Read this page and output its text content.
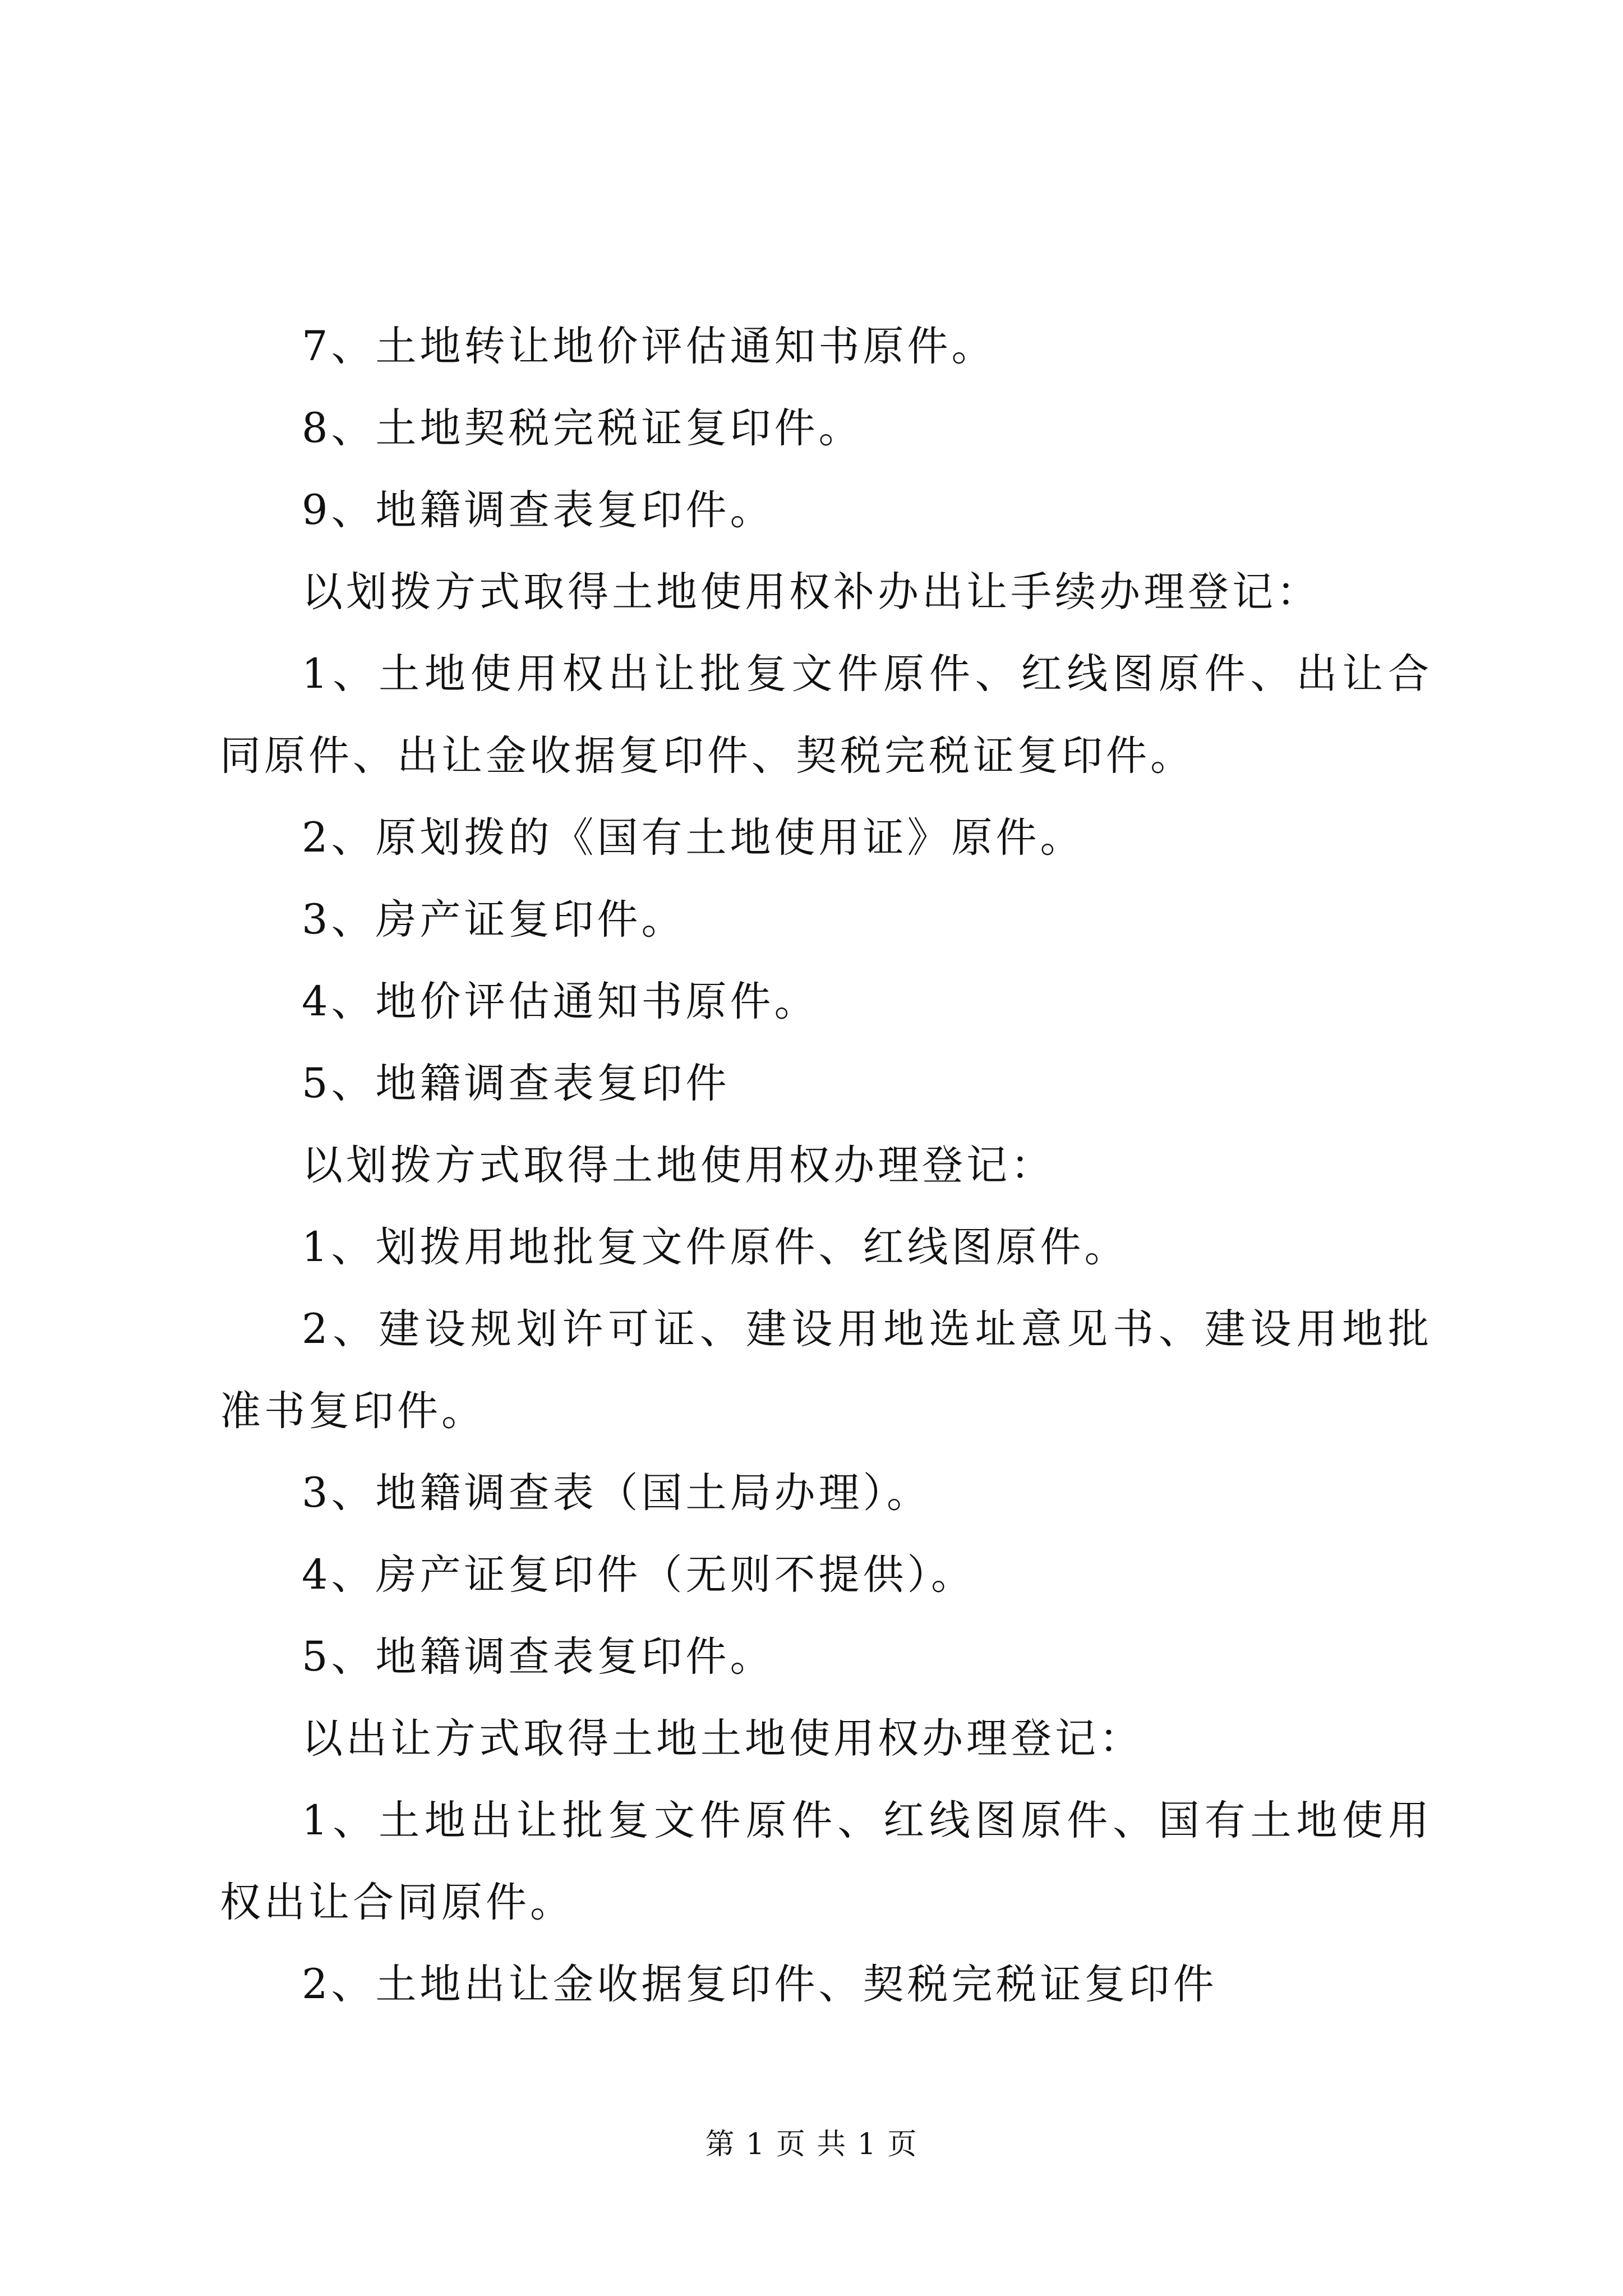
7、土地转让地价评估通知书原件。

8、土地契税完税证复印件。

9、地籍调查表复印件。

以划拨方式取得土地使用权补办出让手续办理登记：

1、土地使用权出让批复文件原件、红线图原件、出让合同原件、出让金收据复印件、契税完税证复印件。

2、原划拨的《国有土地使用证》原件。

3、房产证复印件。

4、地价评估通知书原件。

5、地籍调查表复印件

以划拨方式取得土地使用权办理登记：

1、划拨用地批复文件原件、红线图原件。

2、建设规划许可证、建设用地选址意见书、建设用地批准书复印件。

3、地籍调查表（国土局办理）。

4、房产证复印件（无则不提供）。

5、地籍调查表复印件。

以出让方式取得土地土地使用权办理登记：

1、土地出让批复文件原件、红线图原件、国有土地使用权出让合同原件。

2、土地出让金收据复印件、契税完税证复印件

第 1 页 共 1 页
